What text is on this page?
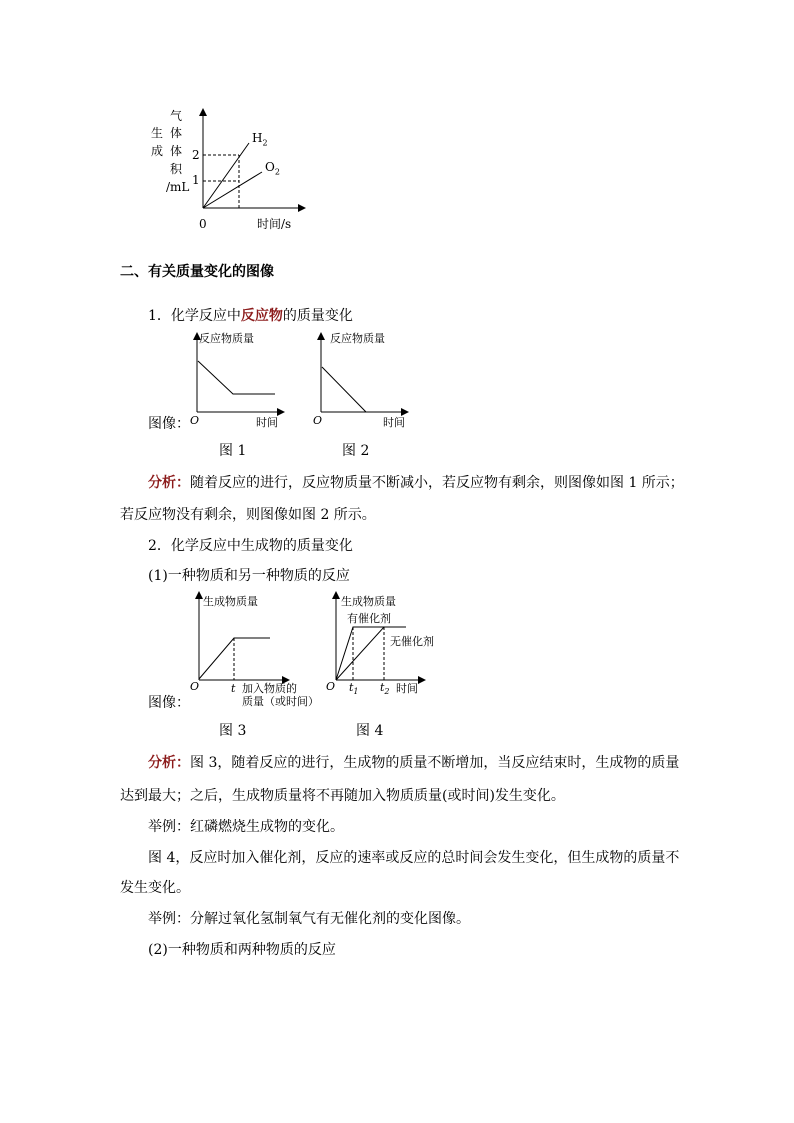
气
体
体
积
生
成
/mL
2
1
0	时间/s
$H_2$
$O_2$
二、有关质量变化的图像
1．化学反应中反应物的质量变化
反应物质量
O	时间
反应物质量
O	时间
图像：
图 1	图 2
分析：随着反应的进行，反应物质量不断减小，若反应物有剩余，则图像如图 1 所示；
若反应物没有剩余，则图像如图 2 所示。
2．化学反应中生成物的质量变化
(1)一种物质和另一种物质的反应
生成物质量
O	t 加入物质的
质量（或时间）
生成物质量
有催化剂
无催化剂
O $t_1$ $t_2$ 时间
图像：
图 3	图 4
分析：图 3，随着反应的进行，生成物的质量不断增加，当反应结束时，生成物的质量
达到最大；之后，生成物质量将不再随加入物质质量(或时间)发生变化。
举例：红磷燃烧生成物的变化。
图 4，反应时加入催化剂，反应的速率或反应的总时间会发生变化，但生成物的质量不
发生变化。
举例：分解过氧化氢制氧气有无催化剂的变化图像。
(2)一种物质和两种物质的反应
